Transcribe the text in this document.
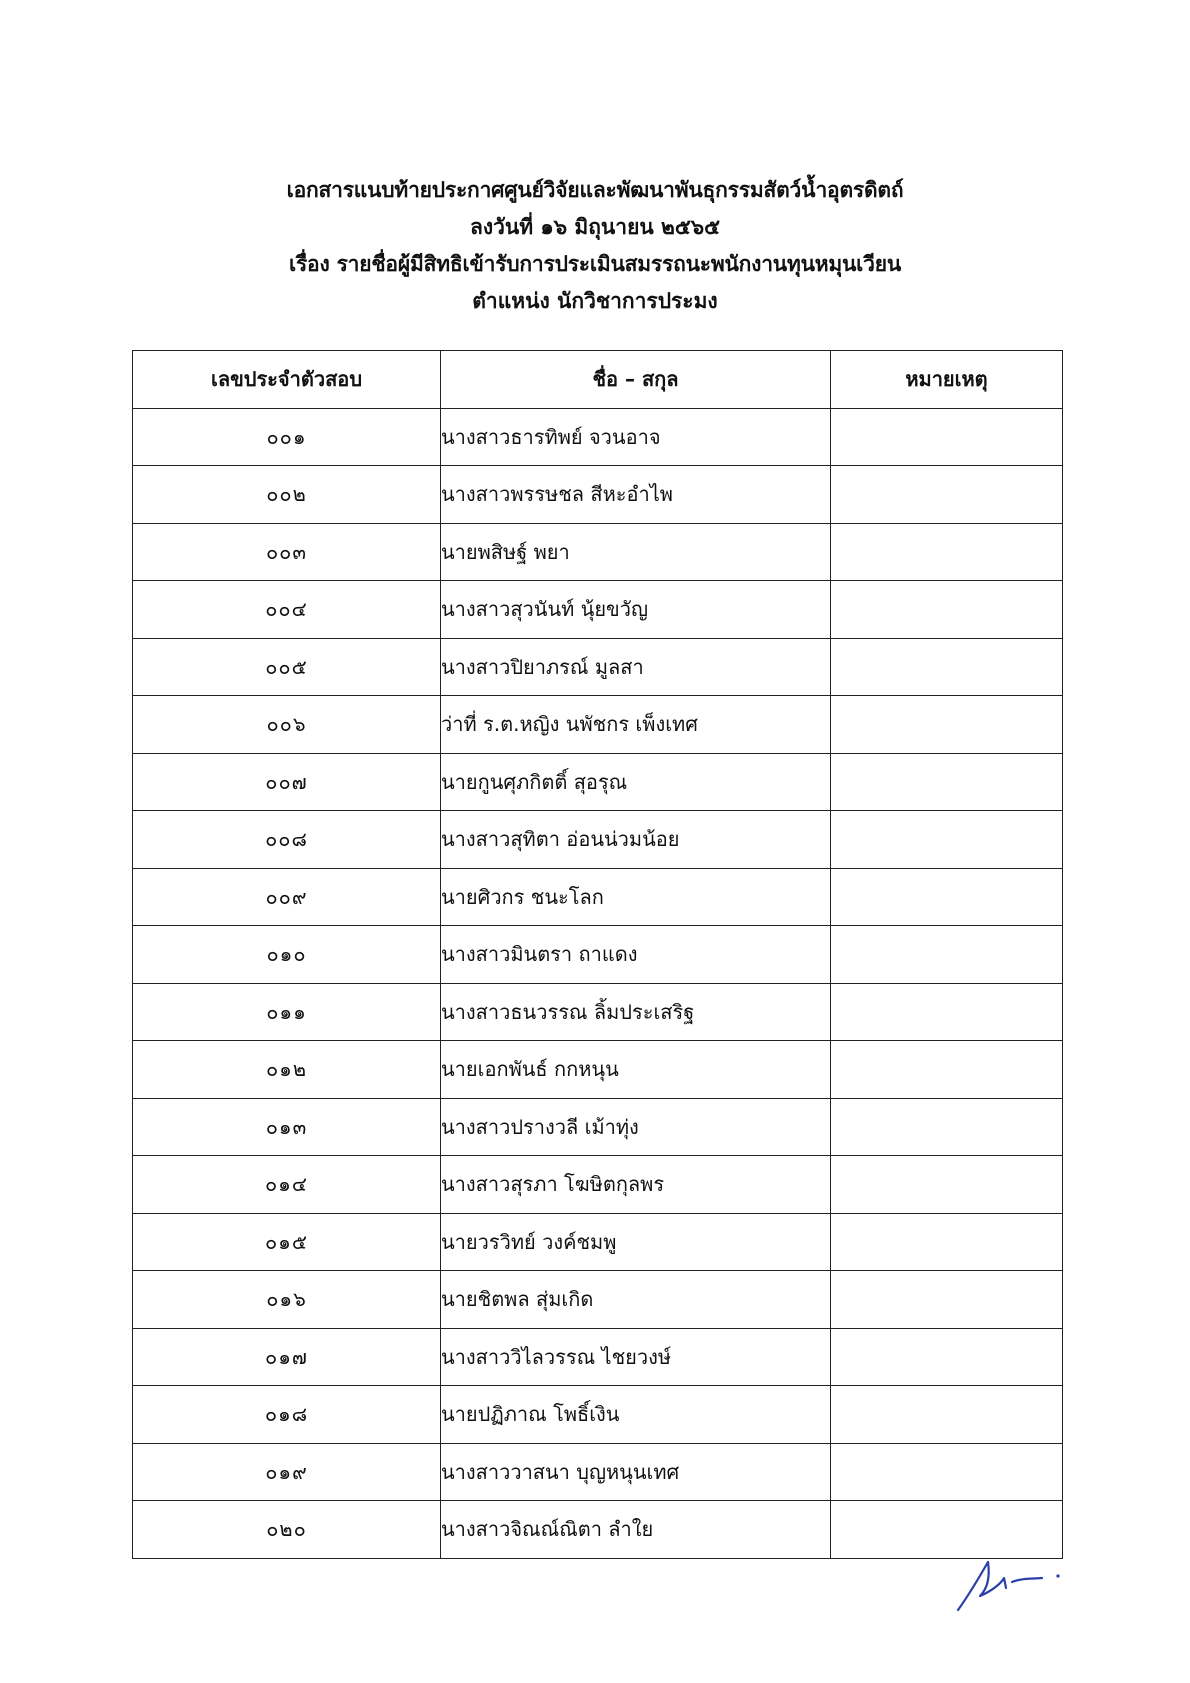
เอกสารแนบท้ายประกาศศูนย์วิจัยและพัฒนาพันธุกรรมสัตว์น้ำอุตรดิตถ์
ลงวันที่ ๑๖ มิถุนายน ๒๕๖๕
เรื่อง รายชื่อผู้มีสิทธิเข้ารับการประเมินสมรรถนะพนักงานทุนหมุนเวียน
ตำแหน่ง นักวิชาการประมง
เลขประจำตัวสอบ	ชื่อ – สกุล	หมายเหตุ
๐๐๑	นางสาวธารทิพย์ จวนอาจ	
๐๐๒	นางสาวพรรษชล สีหะอำไพ	
๐๐๓	นายพสิษฐ์ พยา	
๐๐๔	นางสาวสุวนันท์ นุ้ยขวัญ	
๐๐๕	นางสาวปิยาภรณ์ มูลสา	
๐๐๖	ว่าที่ ร.ต.หญิง นพัชกร เพ็งเทศ	
๐๐๗	นายกูนศุภกิตติ์ สุอรุณ	
๐๐๘	นางสาวสุทิตา อ่อนน่วมน้อย	
๐๐๙	นายศิวกร ชนะโลก	
๐๑๐	นางสาวมินตรา ถาแดง	
๐๑๑	นางสาวธนวรรณ ลิ้มประเสริฐ	
๐๑๒	นายเอกพันธ์ กกหนุน	
๐๑๓	นางสาวปรางวลี เม้าทุ่ง	
๐๑๔	นางสาวสุรภา โฆษิตกุลพร	
๐๑๕	นายวรวิทย์ วงค์ชมพู	
๐๑๖	นายชิตพล สุ่มเกิด	
๐๑๗	นางสาววิไลวรรณ ไชยวงษ์	
๐๑๘	นายปฏิภาณ โพธิ์เงิน	
๐๑๙	นางสาววาสนา บุญหนุนเทศ	
๐๒๐	นางสาวจิณณ์ณิตา ลำใย	
